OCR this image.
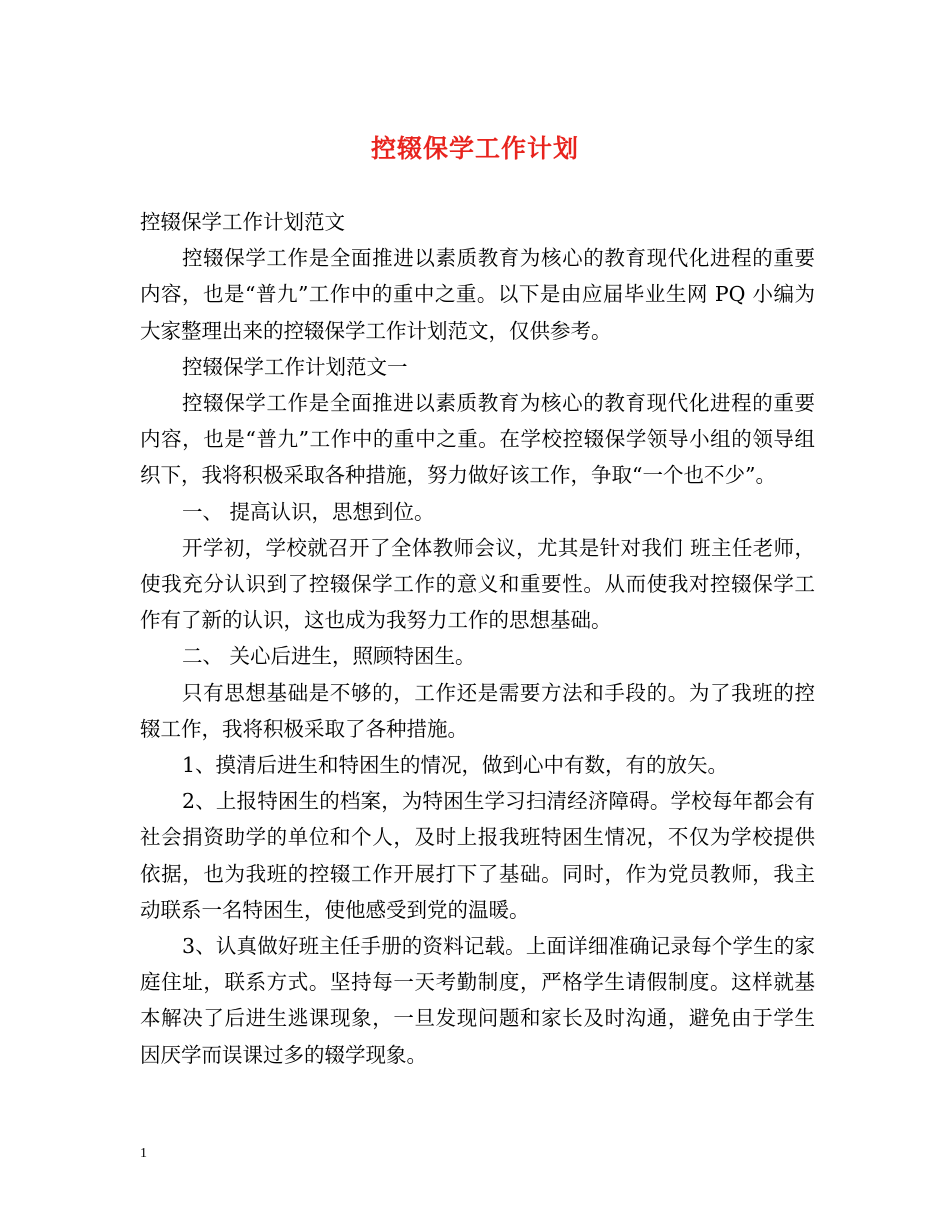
控辍保学工作计划

控辍保学工作计划范文

控辍保学工作是全面推进以素质教育为核心的教育现代化进程的重要内容，也是“普九”工作中的重中之重。以下是由应届毕业生网 PQ 小编为大家整理出来的控辍保学工作计划范文，仅供参考。

控辍保学工作计划范文一

控辍保学工作是全面推进以素质教育为核心的教育现代化进程的重要内容，也是“普九”工作中的重中之重。在学校控辍保学领导小组的领导组织下，我将积极采取各种措施，努力做好该工作，争取“一个也不少”。

一、 提高认识，思想到位。

开学初，学校就召开了全体教师会议，尤其是针对我们 班主任老师，使我充分认识到了控辍保学工作的意义和重要性。从而使我对控辍保学工作有了新的认识，这也成为我努力工作的思想基础。

二、 关心后进生，照顾特困生。

只有思想基础是不够的，工作还是需要方法和手段的。为了我班的控辍工作，我将积极采取了各种措施。

1、摸清后进生和特困生的情况，做到心中有数，有的放矢。

2、上报特困生的档案，为特困生学习扫清经济障碍。学校每年都会有社会捐资助学的单位和个人，及时上报我班特困生情况，不仅为学校提供依据，也为我班的控辍工作开展打下了基础。同时，作为党员教师，我主动联系一名特困生，使他感受到党的温暖。

3、认真做好班主任手册的资料记载。上面详细准确记录每个学生的家庭住址，联系方式。坚持每一天考勤制度，严格学生请假制度。这样就基本解决了后进生逃课现象，一旦发现问题和家长及时沟通，避免由于学生因厌学而误课过多的辍学现象。

1
